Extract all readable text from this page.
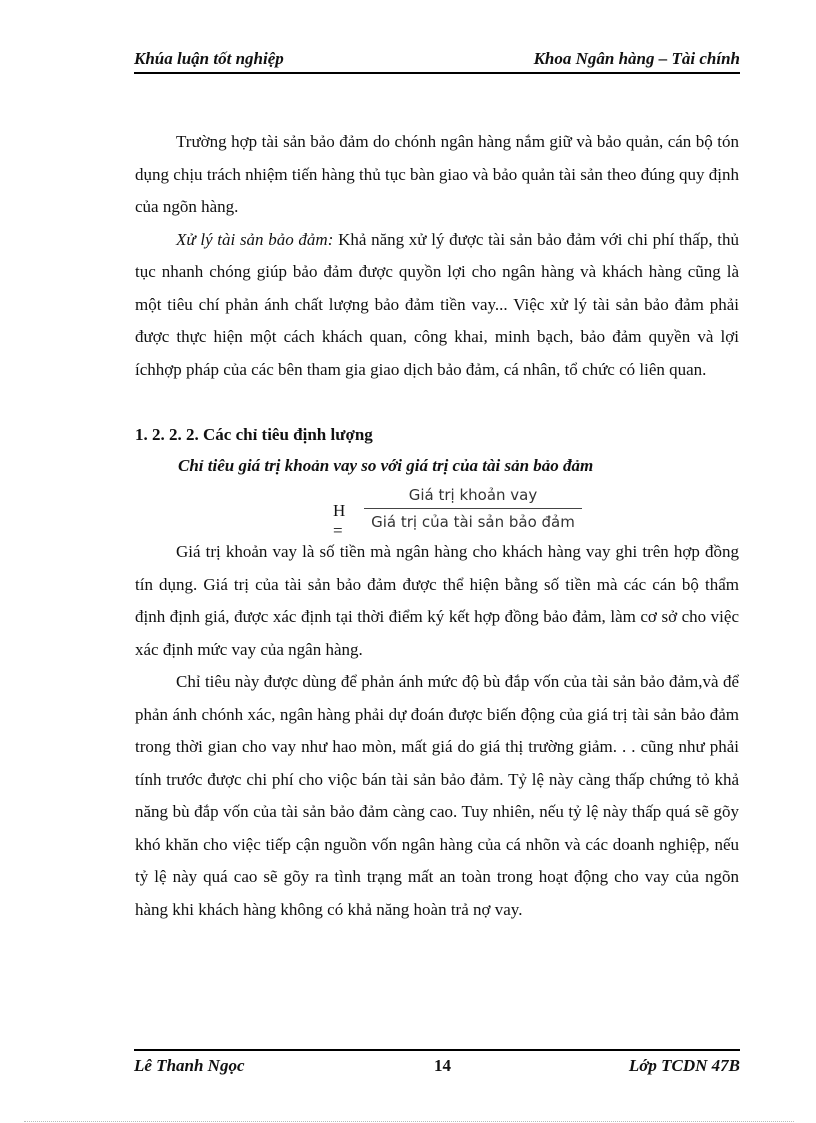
Khúa luận tốt nghiệp	Khoa Ngân hàng – Tài chính

Trường hợp tài sản bảo đảm do chónh ngân hàng nắm giữ và bảo quản, cán bộ tón dụng chịu trách nhiệm tiến hàng thủ tục bàn giao và bảo quản tài sản theo đúng quy định của ngõn hàng.

Xử lý tài sản bảo đảm: Khả năng xử lý được tài sản bảo đảm với chi phí thấp, thủ tục nhanh chóng giúp bảo đảm được quyồn lợi cho ngân hàng và khách hàng cũng là một tiêu chí phản ánh chất lượng bảo đảm tiền vay... Việc xử lý tài sản bảo đảm phải được thực hiện một cách khách quan, công khai, minh bạch, bảo đảm quyền và lợi íchhợp pháp của các bên tham gia giao dịch bảo đảm, cá nhân, tổ chức có liên quan.

1. 2. 2. 2. Các chỉ tiêu định lượng
Chỉ tiêu giá trị khoản vay so với giá trị của tài sản bảo đảm
H =
Giá trị khoản vay
Giá trị của tài sản bảo đảm

Giá trị khoản vay là số tiền mà ngân hàng cho khách hàng vay ghi trên hợp đồng tín dụng. Giá trị của tài sản bảo đảm được thể hiện bằng số tiền mà các cán bộ thẩm định định giá, được xác định tại thời điểm ký kết hợp đồng bảo đảm, làm cơ sở cho việc xác định mức vay của ngân hàng.

Chỉ tiêu này được dùng để phản ánh mức độ bù đắp vốn của tài sản bảo đảm,và để phản ánh chónh xác, ngân hàng phải dự đoán được biến động của giá trị tài sản bảo đảm trong thời gian cho vay như hao mòn, mất giá do giá thị trường giảm. . . cũng như phải tính trước được chi phí cho viộc bán tài sản bảo đảm. Tỷ lệ này càng thấp chứng tỏ khả năng bù đắp vốn của tài sản bảo đảm càng cao. Tuy nhiên, nếu tỷ lệ này thấp quá sẽ gõy khó khăn cho việc tiếp cận nguồn vốn ngân hàng của cá nhõn và các doanh nghiệp, nếu tỷ lệ này quá cao sẽ gõy ra tình trạng mất an toàn trong hoạt động cho vay của ngõn hàng khi khách hàng không có khả năng hoàn trả nợ vay.

Lê Thanh Ngọc	14	Lớp TCDN 47B
